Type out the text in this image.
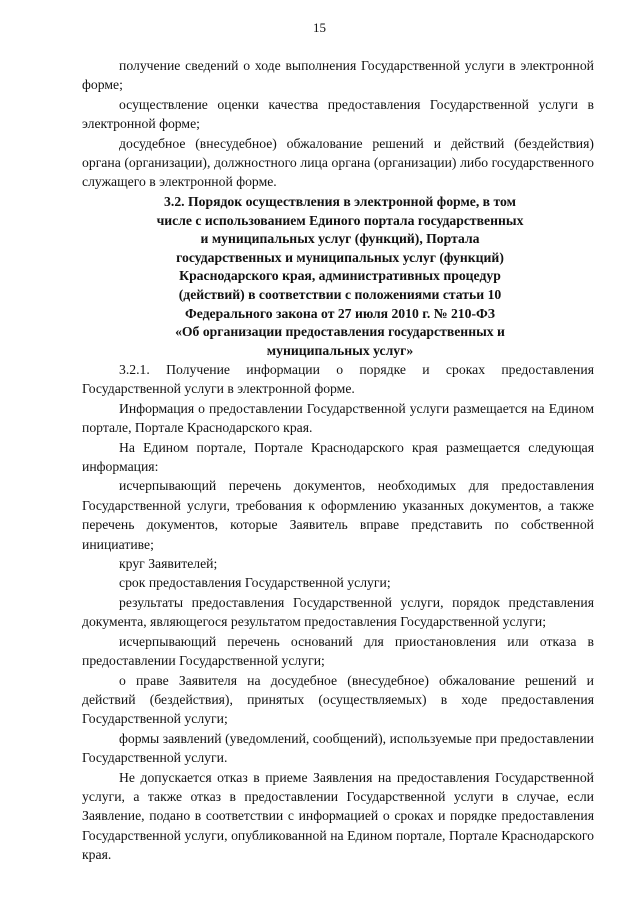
15

получение сведений о ходе выполнения Государственной услуги в электронной форме;

осуществление оценки качества предоставления Государственной услуги в электронной форме;

досудебное (внесудебное) обжалование решений и действий (бездействия) органа (организации), должностного лица органа (организации) либо государственного служащего в электронной форме.

3.2. Порядок осуществления в электронной форме, в том
числе с использованием Единого портала государственных
и муниципальных услуг (функций), Портала
государственных и муниципальных услуг (функций)
Краснодарского края, административных процедур
(действий) в соответствии с положениями статьи 10
Федерального закона от 27 июля 2010 г. № 210-ФЗ
«Об организации предоставления государственных и
муниципальных услуг»

3.2.1. Получение информации о порядке и сроках предоставления Государственной услуги в электронной форме.

Информация о предоставлении Государственной услуги размещается на Едином портале, Портале Краснодарского края.

На Едином портале, Портале Краснодарского края размещается следующая информация:

исчерпывающий перечень документов, необходимых для предоставления Государственной услуги, требования к оформлению указанных документов, а также перечень документов, которые Заявитель вправе представить по собственной инициативе;

круг Заявителей;

срок предоставления Государственной услуги;

результаты предоставления Государственной услуги, порядок представления документа, являющегося результатом предоставления Государственной услуги;

исчерпывающий перечень оснований для приостановления или отказа в предоставлении Государственной услуги;

о праве Заявителя на досудебное (внесудебное) обжалование решений и действий (бездействия), принятых (осуществляемых) в ходе предоставления Государственной услуги;

формы заявлений (уведомлений, сообщений), используемые при предоставлении Государственной услуги.

Не допускается отказ в приеме Заявления на предоставления Государственной услуги, а также отказ в предоставлении Государственной услуги в случае, если Заявление, подано в соответствии с информацией о сроках и порядке предоставления Государственной услуги, опубликованной на Едином портале, Портале Краснодарского края.
